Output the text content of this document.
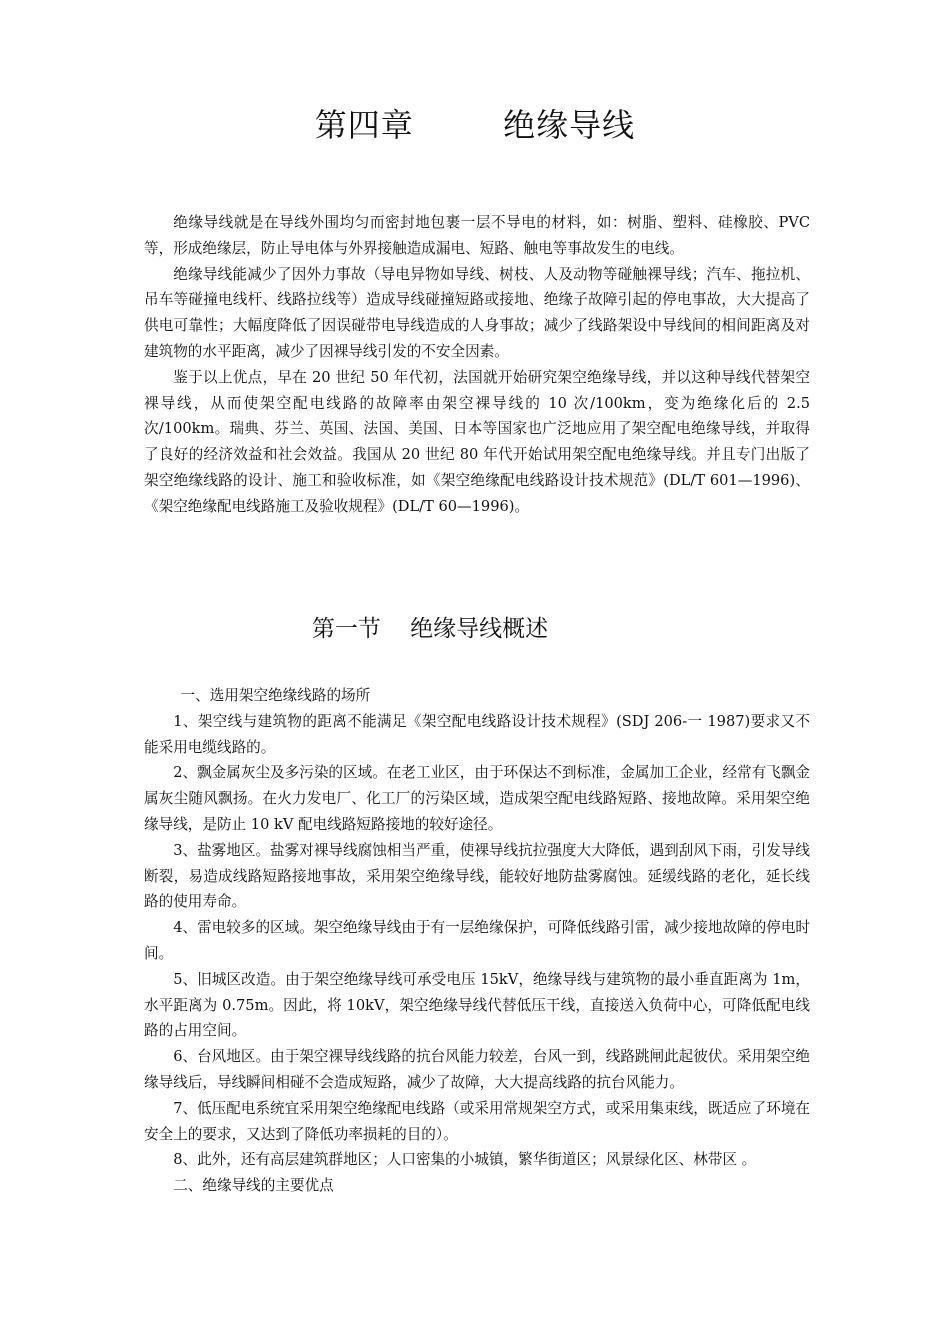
第四章        绝缘导线

绝缘导线就是在导线外围均匀而密封地包裹一层不导电的材料，如：树脂、塑料、硅橡胶、PVC 等，形成绝缘层，防止导电体与外界接触造成漏电、短路、触电等事故发生的电线。

绝缘导线能减少了因外力事故（导电异物如导线、树枝、人及动物等碰触裸导线；汽车、拖拉机、吊车等碰撞电线杆、线路拉线等）造成导线碰撞短路或接地、绝缘子故障引起的停电事故，大大提高了供电可靠性；大幅度降低了因误碰带电导线造成的人身事故；减少了线路架设中导线间的相间距离及对建筑物的水平距离，减少了因裸导线引发的不安全因素。

鉴于以上优点，早在 20 世纪 50 年代初，法国就开始研究架空绝缘导线，并以这种导线代替架空裸导线，从而使架空配电线路的故障率由架空裸导线的 10 次/100km，变为绝缘化后的 2.5 次/100km。瑞典、芬兰、英国、法国、美国、日本等国家也广泛地应用了架空配电绝缘导线，并取得了良好的经济效益和社会效益。我国从 20 世纪 80 年代开始试用架空配电绝缘导线。并且专门出版了架空绝缘线路的设计、施工和验收标准，如《架空绝缘配电线路设计技术规范》(DL/T 601—1996)、《架空绝缘配电线路施工及验收规程》(DL/T 60—1996)。

第一节    绝缘导线概述

一、选用架空绝缘线路的场所

1、架空线与建筑物的距离不能满足《架空配电线路设计技术规程》(SDJ 206-一 1987)要求又不能采用电缆线路的。

2、飘金属灰尘及多污染的区域。在老工业区，由于环保达不到标准，金属加工企业，经常有飞飘金属灰尘随风飘扬。在火力发电厂、化工厂的污染区域，造成架空配电线路短路、接地故障。采用架空绝缘导线，是防止 10 kV 配电线路短路接地的较好途径。

3、盐雾地区。盐雾对裸导线腐蚀相当严重，使裸导线抗拉强度大大降低，遇到刮风下雨，引发导线断裂，易造成线路短路接地事故，采用架空绝缘导线，能较好地防盐雾腐蚀。延缓线路的老化，延长线路的使用寿命。

4、雷电较多的区域。架空绝缘导线由于有一层绝缘保护，可降低线路引雷，减少接地故障的停电时间。

5、旧城区改造。由于架空绝缘导线可承受电压 15kV，绝缘导线与建筑物的最小垂直距离为 1m，水平距离为 0.75m。因此，将 10kV，架空绝缘导线代替低压干线，直接送入负荷中心，可降低配电线路的占用空间。

6、台风地区。由于架空裸导线线路的抗台风能力较差，台风一到，线路跳闸此起彼伏。采用架空绝缘导线后，导线瞬间相碰不会造成短路，减少了故障，大大提高线路的抗台风能力。

7、低压配电系统宜采用架空绝缘配电线路（或采用常规架空方式，或采用集束线，既适应了环境在安全上的要求，又达到了降低功率损耗的目的）。

8、此外，还有高层建筑群地区；人口密集的小城镇，繁华街道区；风景绿化区、林带区 。

二、绝缘导线的主要优点
